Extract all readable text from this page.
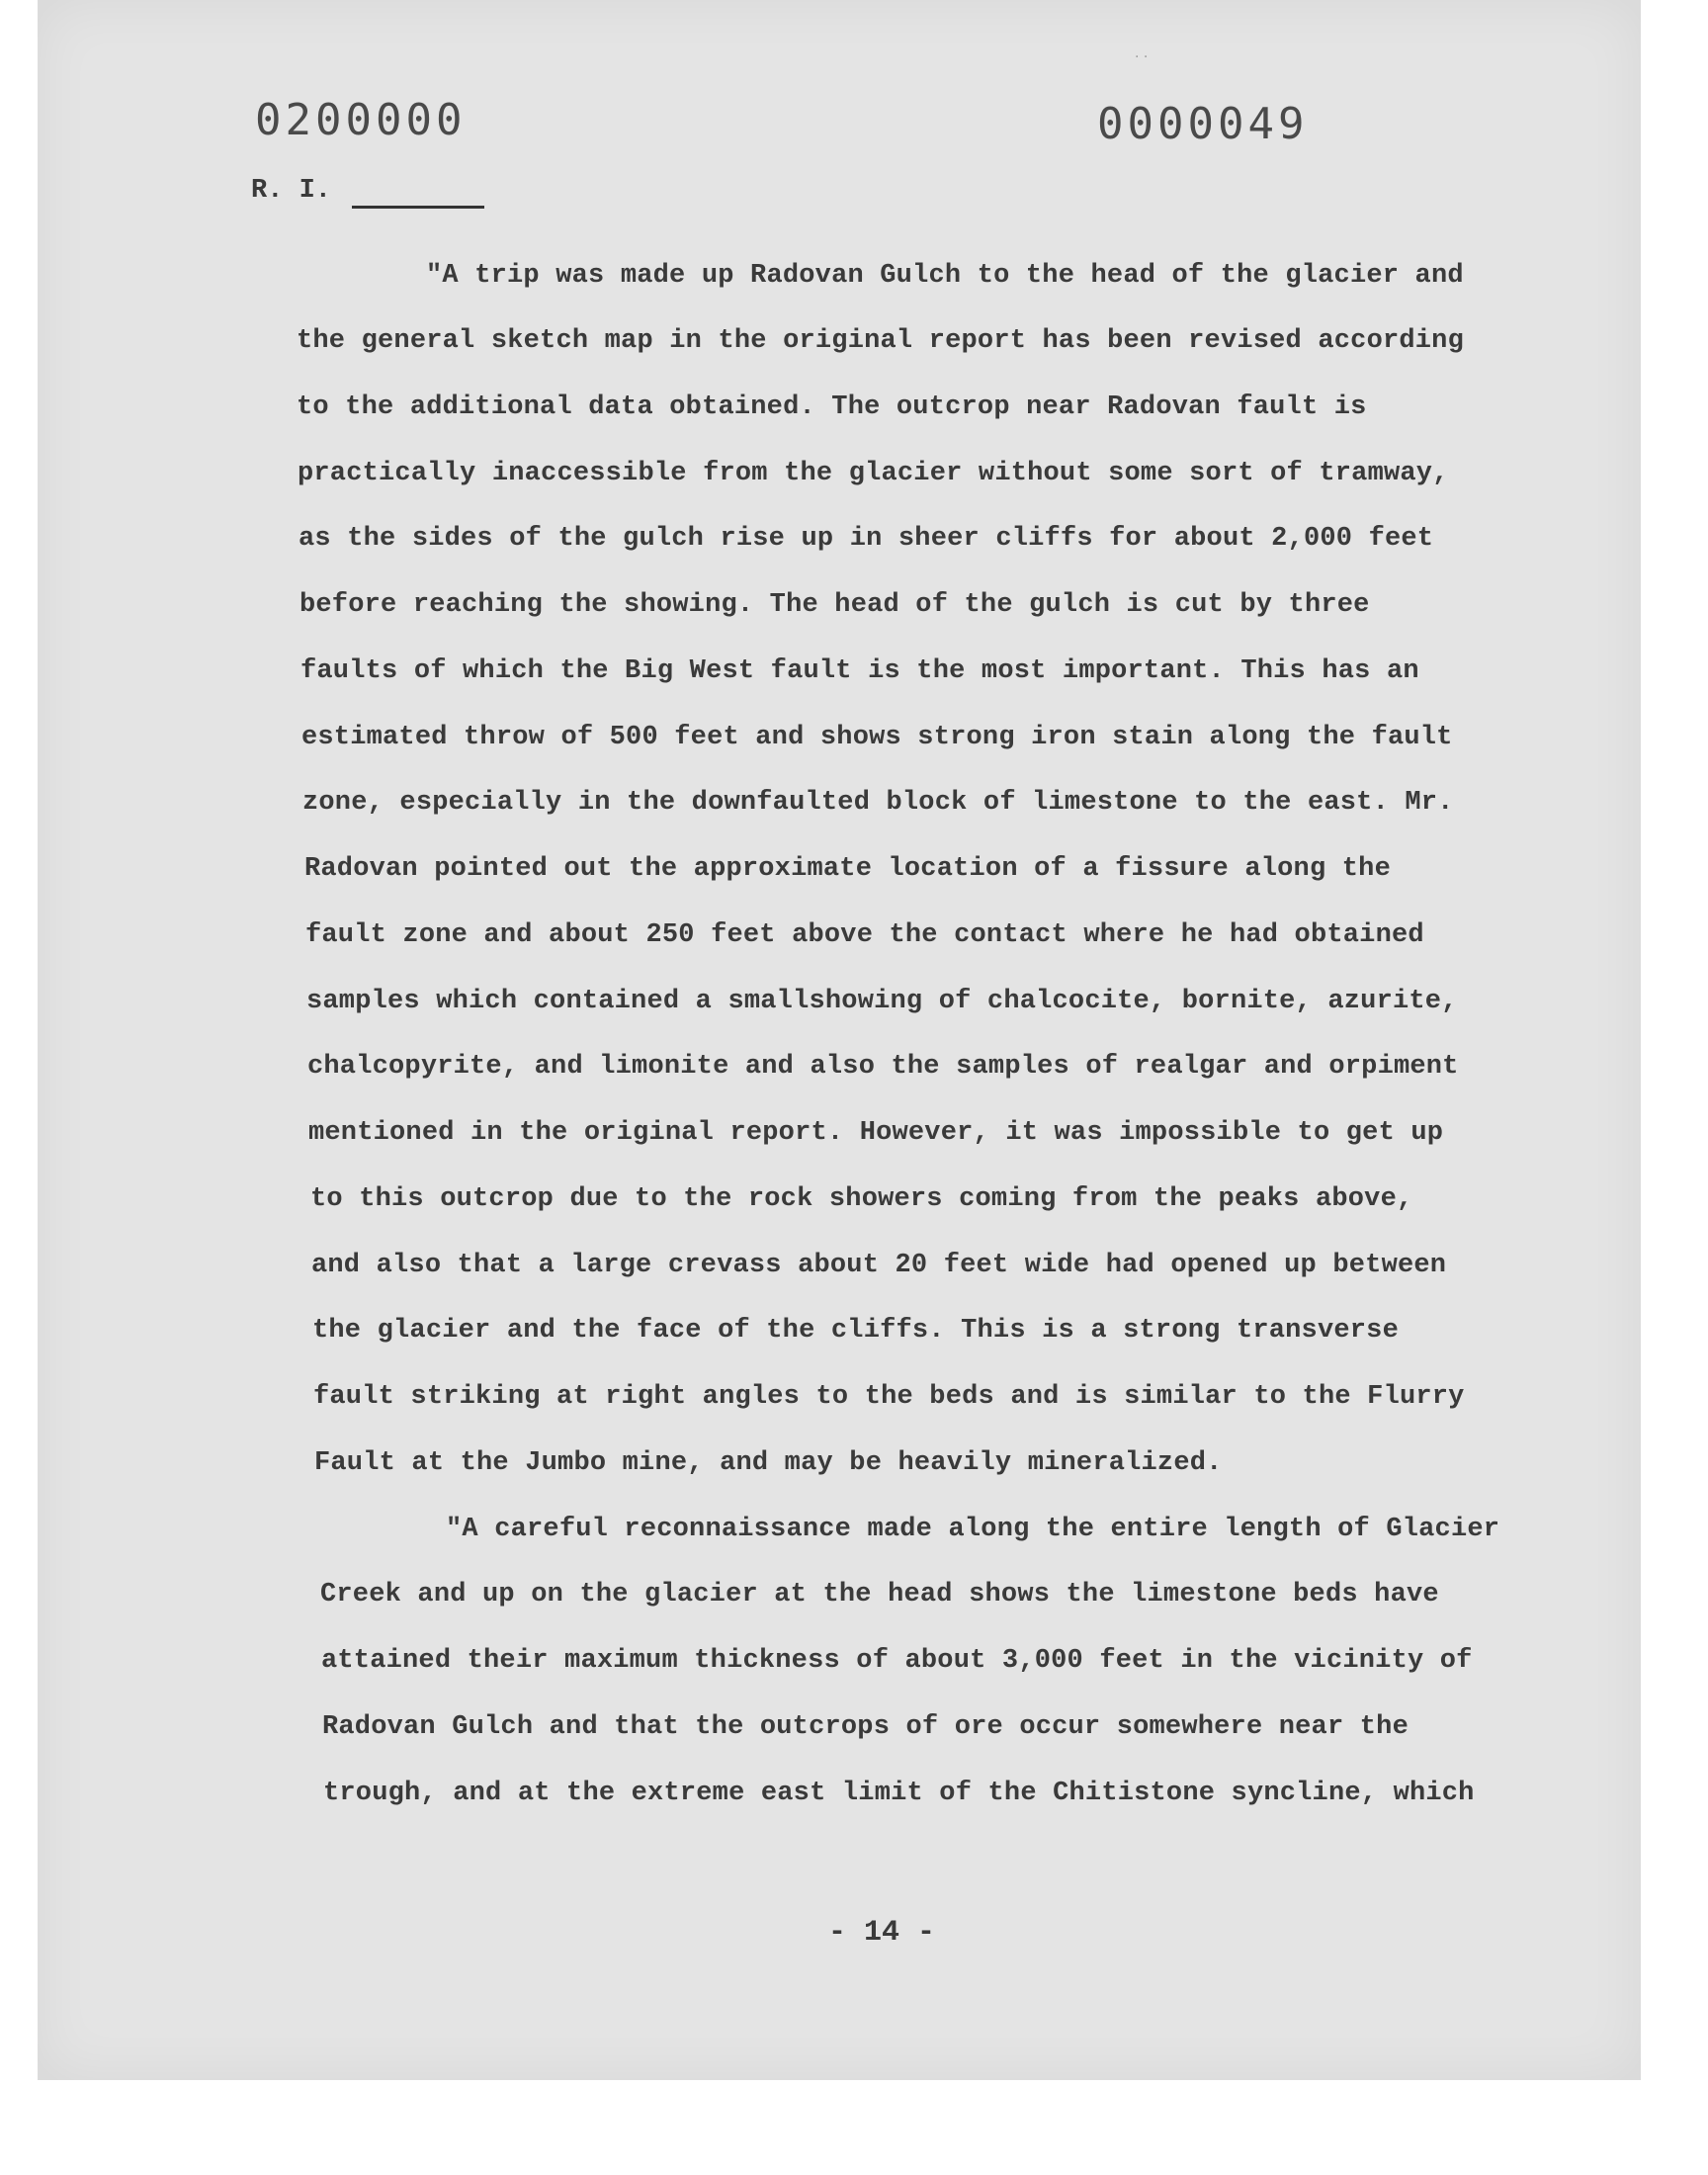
· ·
0200000	0000049
R. I.
"A trip was made up Radovan Gulch to the head of the glacier and
the general sketch map in the original report has been revised according
to the additional data obtained. The outcrop near Radovan fault is
practically inaccessible from the glacier without some sort of tramway,
as the sides of the gulch rise up in sheer cliffs for about 2,000 feet
before reaching the showing. The head of the gulch is cut by three
faults of which the Big West fault is the most important. This has an
estimated throw of 500 feet and shows strong iron stain along the fault
zone, especially in the downfaulted block of limestone to the east. Mr.
Radovan pointed out the approximate location of a fissure along the
fault zone and about 250 feet above the contact where he had obtained
samples which contained a smallshowing of chalcocite, bornite, azurite,
chalcopyrite, and limonite and also the samples of realgar and orpiment
mentioned in the original report. However, it was impossible to get up
to this outcrop due to the rock showers coming from the peaks above,
and also that a large crevass about 20 feet wide had opened up between
the glacier and the face of the cliffs. This is a strong transverse
fault striking at right angles to the beds and is similar to the Flurry
Fault at the Jumbo mine, and may be heavily mineralized.
"A careful reconnaissance made along the entire length of Glacier
Creek and up on the glacier at the head shows the limestone beds have
attained their maximum thickness of about 3,000 feet in the vicinity of
Radovan Gulch and that the outcrops of ore occur somewhere near the
trough, and at the extreme east limit of the Chitistone syncline, which
- 14 -
